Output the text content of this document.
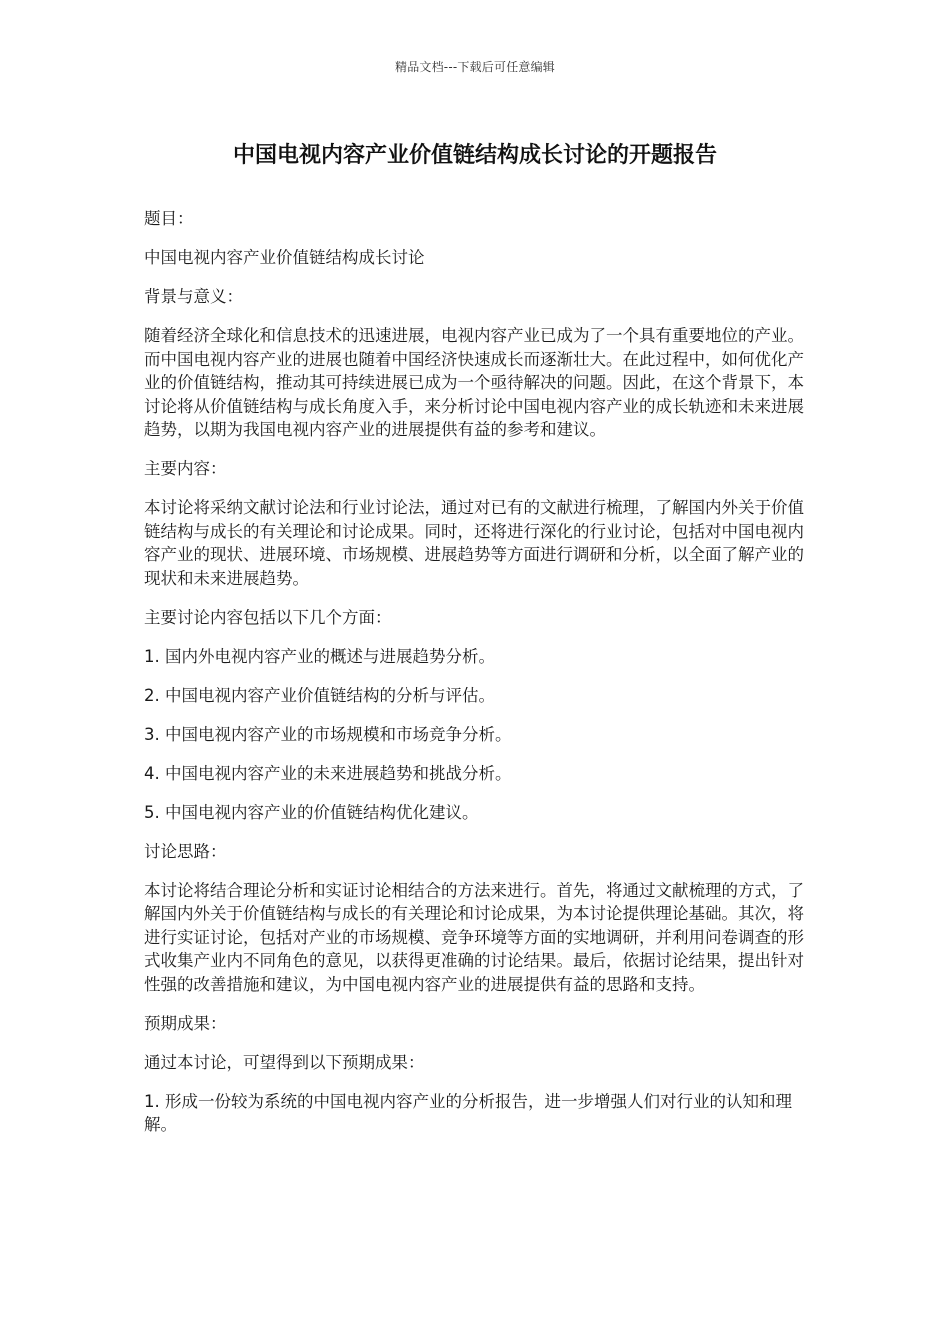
精品文档---下载后可任意编辑
中国电视内容产业价值链结构成长讨论的开题报告

题目：

中国电视内容产业价值链结构成长讨论

背景与意义：

随着经济全球化和信息技术的迅速进展，电视内容产业已成为了一个具有重要地位的产业。而中国电视内容产业的进展也随着中国经济快速成长而逐渐壮大。在此过程中，如何优化产业的价值链结构，推动其可持续进展已成为一个亟待解决的问题。因此，在这个背景下，本讨论将从价值链结构与成长角度入手，来分析讨论中国电视内容产业的成长轨迹和未来进展趋势，以期为我国电视内容产业的进展提供有益的参考和建议。

主要内容：

本讨论将采纳文献讨论法和行业讨论法，通过对已有的文献进行梳理，了解国内外关于价值链结构与成长的有关理论和讨论成果。同时，还将进行深化的行业讨论，包括对中国电视内容产业的现状、进展环境、市场规模、进展趋势等方面进行调研和分析，以全面了解产业的现状和未来进展趋势。

主要讨论内容包括以下几个方面：

1. 国内外电视内容产业的概述与进展趋势分析。

2. 中国电视内容产业价值链结构的分析与评估。

3. 中国电视内容产业的市场规模和市场竞争分析。

4. 中国电视内容产业的未来进展趋势和挑战分析。

5. 中国电视内容产业的价值链结构优化建议。

讨论思路：

本讨论将结合理论分析和实证讨论相结合的方法来进行。首先，将通过文献梳理的方式，了解国内外关于价值链结构与成长的有关理论和讨论成果，为本讨论提供理论基础。其次，将进行实证讨论，包括对产业的市场规模、竞争环境等方面的实地调研，并利用问卷调查的形式收集产业内不同角色的意见，以获得更准确的讨论结果。最后，依据讨论结果，提出针对性强的改善措施和建议，为中国电视内容产业的进展提供有益的思路和支持。

预期成果：

通过本讨论，可望得到以下预期成果：

1. 形成一份较为系统的中国电视内容产业的分析报告，进一步增强人们对行业的认知和理解。
